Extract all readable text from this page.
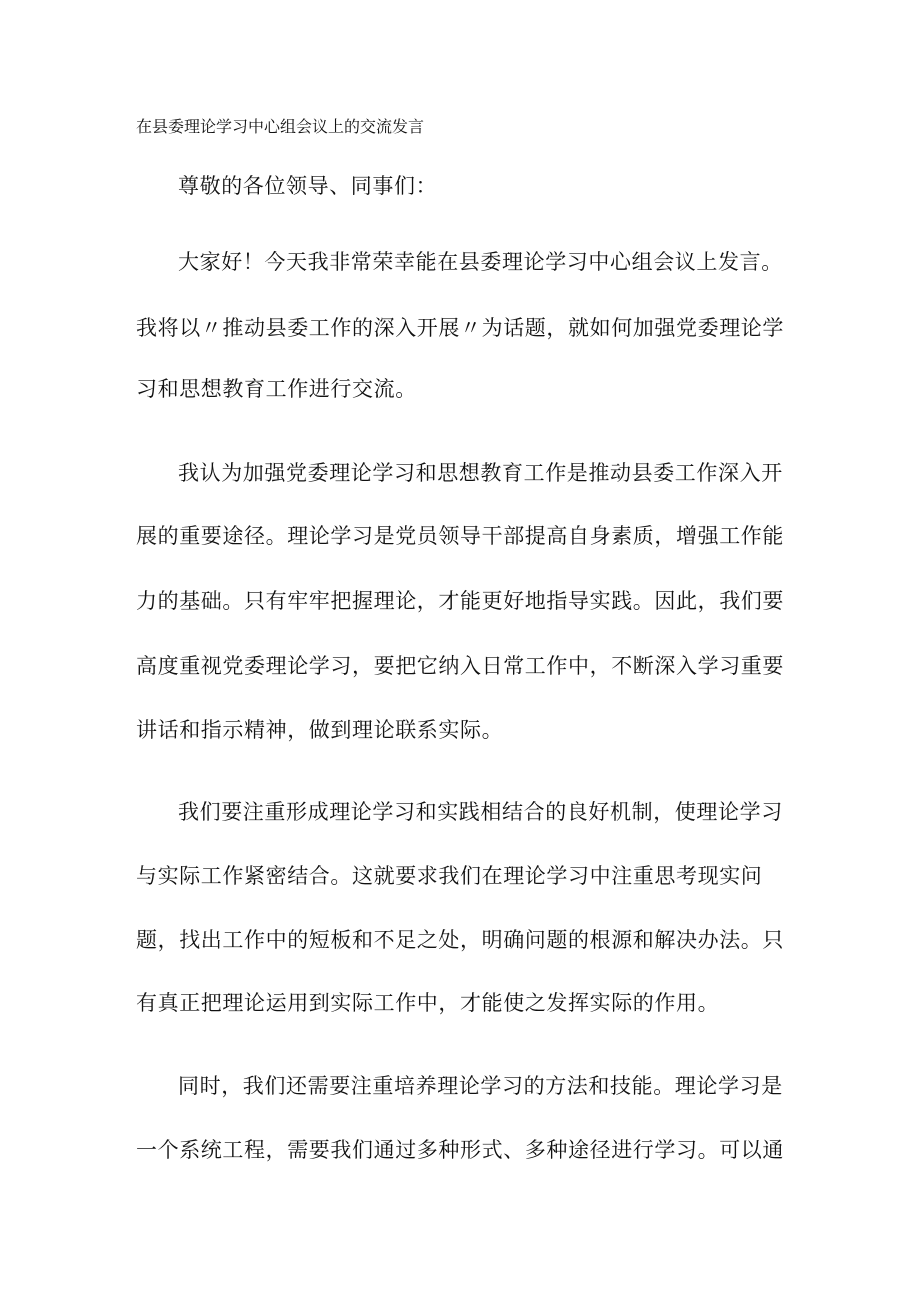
在县委理论学习中心组会议上的交流发言
尊敬的各位领导、同事们：
大家好！今天我非常荣幸能在县委理论学习中心组会议上发言。
我将以〃推动县委工作的深入开展〃为话题，就如何加强党委理论学
习和思想教育工作进行交流。
我认为加强党委理论学习和思想教育工作是推动县委工作深入开
展的重要途径。理论学习是党员领导干部提高自身素质，增强工作能
力的基础。只有牢牢把握理论，才能更好地指导实践。因此，我们要
高度重视党委理论学习，要把它纳入日常工作中，不断深入学习重要
讲话和指示精神，做到理论联系实际。
我们要注重形成理论学习和实践相结合的良好机制，使理论学习
与实际工作紧密结合。这就要求我们在理论学习中注重思考现实问
题，找出工作中的短板和不足之处，明确问题的根源和解决办法。只
有真正把理论运用到实际工作中，才能使之发挥实际的作用。
同时，我们还需要注重培养理论学习的方法和技能。理论学习是
一个系统工程，需要我们通过多种形式、多种途径进行学习。可以通
